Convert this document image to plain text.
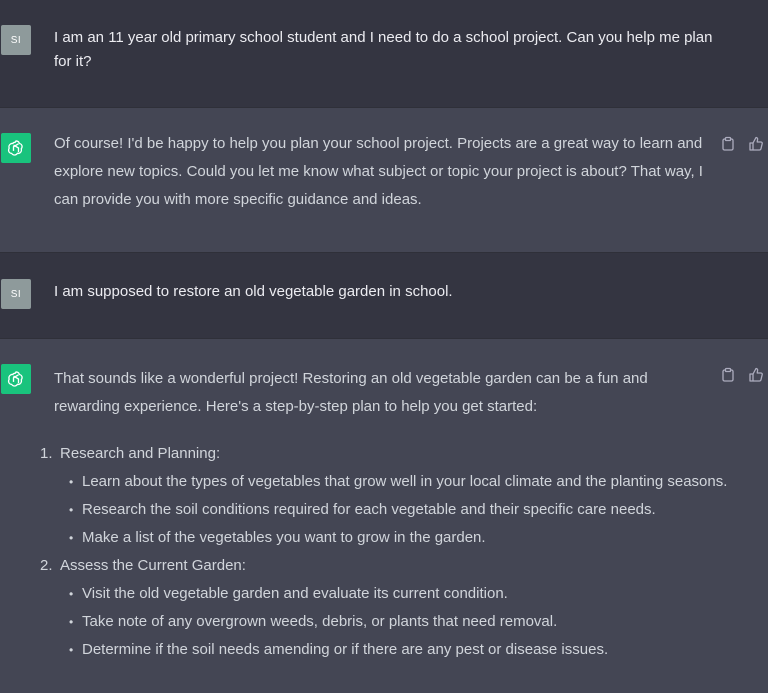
SI I am an 11 year old primary school student and I need to do a school project. Can you help me plan for it?
Of course! I'd be happy to help you plan your school project. Projects are a great way to learn and explore new topics. Could you let me know what subject or topic your project is about? That way, I can provide you with more specific guidance and ideas.
SI I am supposed to restore an old vegetable garden in school.
That sounds like a wonderful project! Restoring an old vegetable garden can be a fun and rewarding experience. Here's a step-by-step plan to help you get started:
1. Research and Planning:
• Learn about the types of vegetables that grow well in your local climate and the planting seasons.
• Research the soil conditions required for each vegetable and their specific care needs.
• Make a list of the vegetables you want to grow in the garden.
2. Assess the Current Garden:
• Visit the old vegetable garden and evaluate its current condition.
• Take note of any overgrown weeds, debris, or plants that need removal.
• Determine if the soil needs amending or if there are any pest or disease issues.
